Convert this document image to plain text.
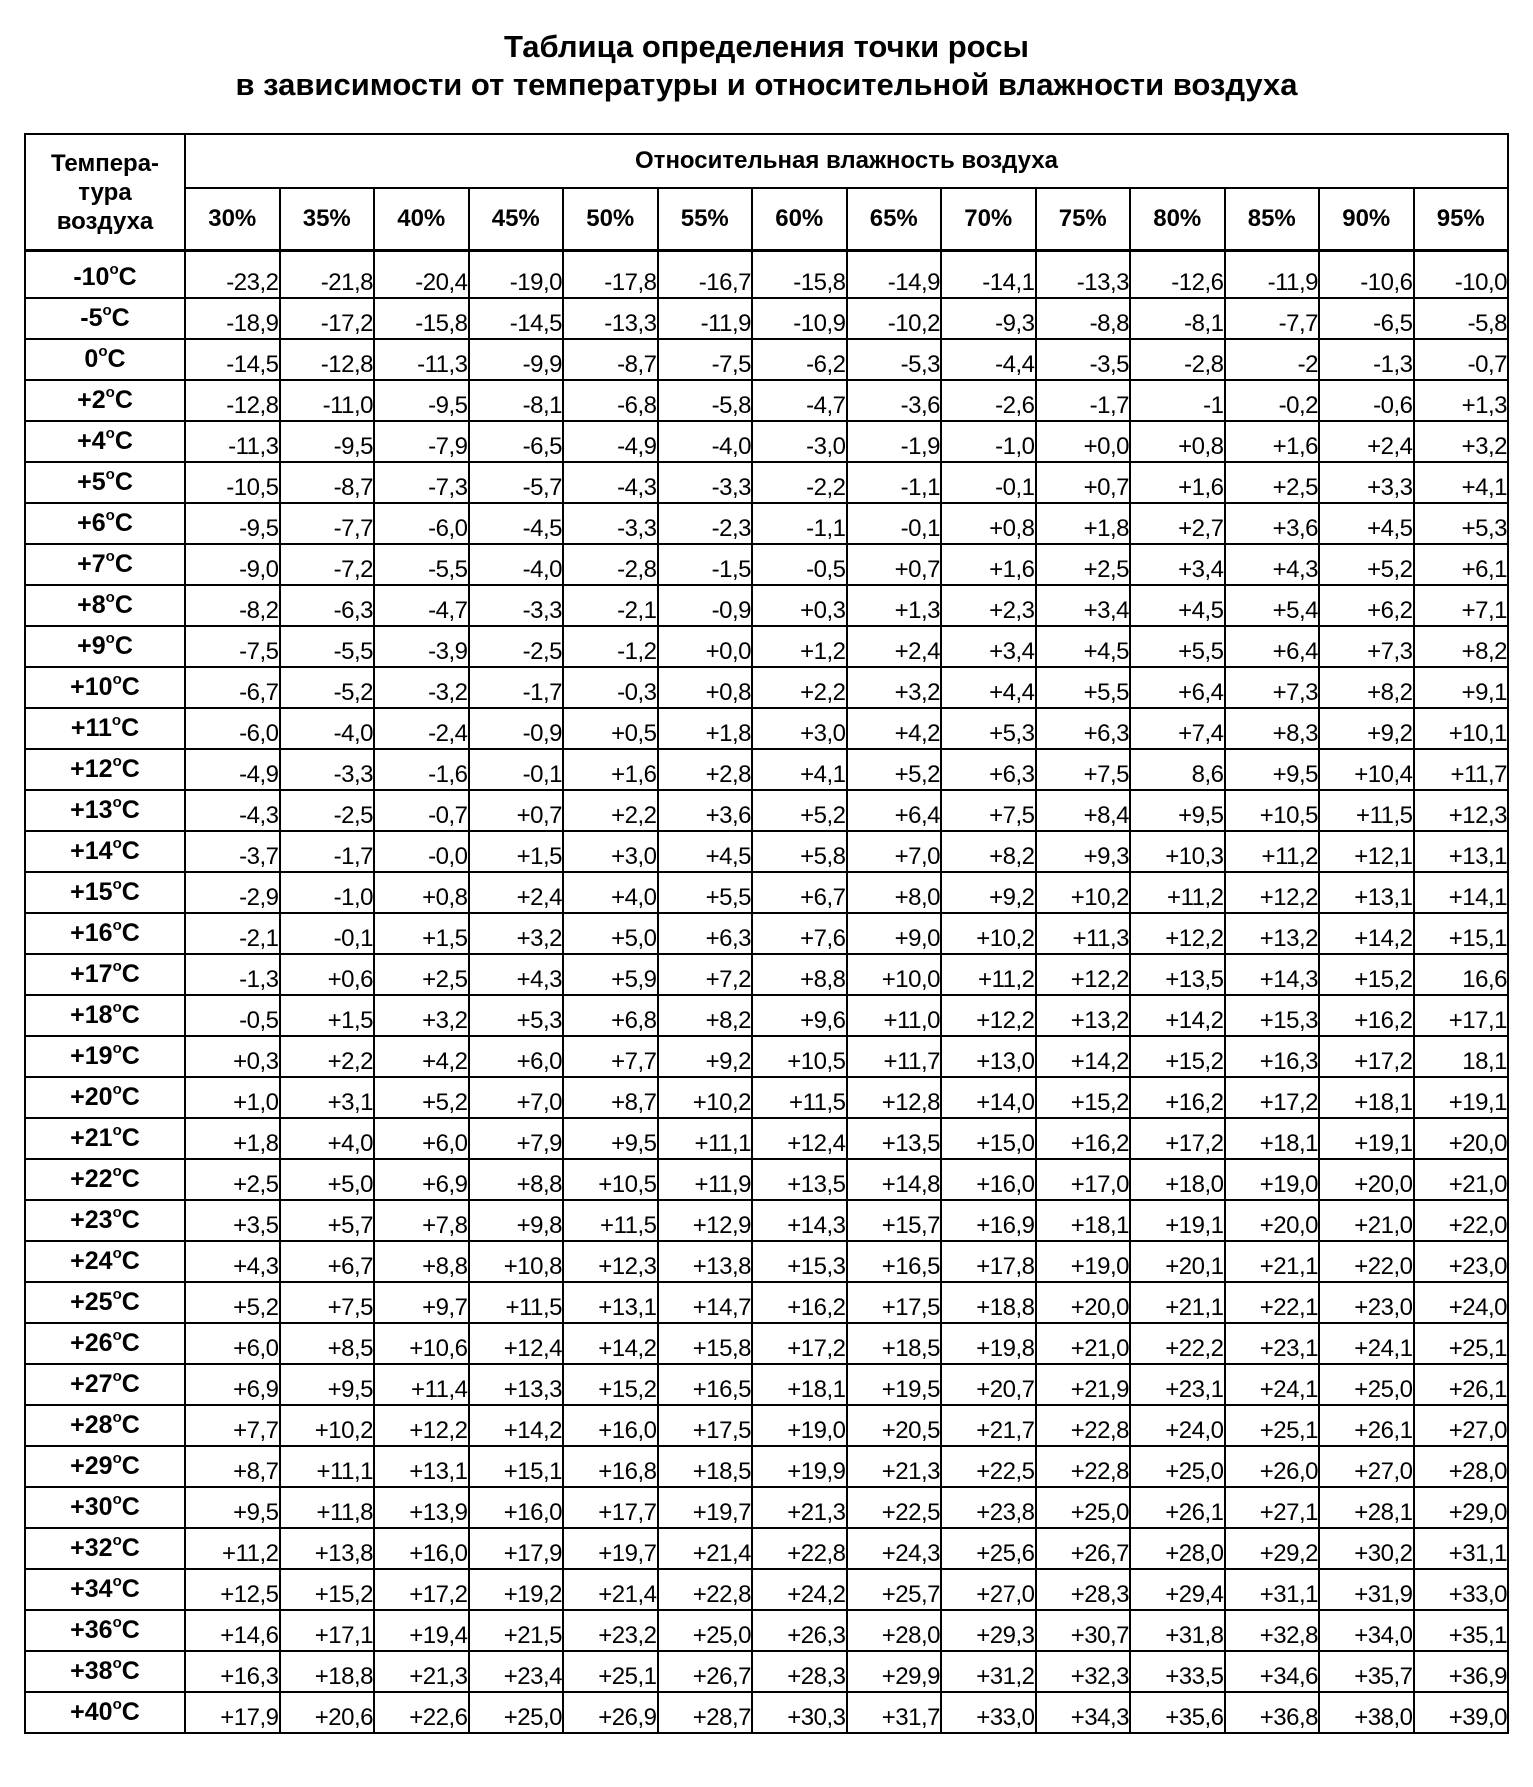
Таблица определения точки росы
в зависимости от температуры и относительной влажности воздуха
Темпера-
тура
воздуха	Относительная влажность воздуха													
	30%	35%	40%	45%	50%	55%	60%	65%	70%	75%	80%	85%	90%	95%

-10$^o$C	-23,2	-21,8	-20,4	-19,0	-17,8	-16,7	-15,8	-14,9	-14,1	-13,3	-12,6	-11,9	-10,6	-10,0
-5$^o$C	-18,9	-17,2	-15,8	-14,5	-13,3	-11,9	-10,9	-10,2	-9,3	-8,8	-8,1	-7,7	-6,5	-5,8
0$^o$C	-14,5	-12,8	-11,3	-9,9	-8,7	-7,5	-6,2	-5,3	-4,4	-3,5	-2,8	-2	-1,3	-0,7
$+2^oC$	-12,8	-11,0	-9,5	-8,1	-6,8	-5,8	-4,7	-3,6	-2,6	-1,7	-1	-0,2	-0,6	+1,3
$+4^oC$	-11,3	-9,5	-7,9	-6,5	-4,9	-4,0	-3,0	-1,9	-1,0	+0,0	+0,8	+1,6	+2,4	+3,2
$+5^oC$	-10,5	-8,7	-7,3	-5,7	-4,3	-3,3	-2,2	-1,1	-0,1	+0,7	+1,6	+2,5	+3,3	+4,1
$+6^oC$	-9,5	-7,7	-6,0	-4,5	-3,3	-2,3	-1,1	-0,1	+0,8	+1,8	+2,7	+3,6	+4,5	+5,3
$+7^oC$	-9,0	-7,2	-5,5	-4,0	-2,8	-1,5	-0,5	+0,7	+1,6	+2,5	+3,4	+4,3	+5,2	+6,1
$+8^oC$	-8,2	-6,3	-4,7	-3,3	-2,1	-0,9	+0,3	+1,3	+2,3	+3,4	+4,5	+5,4	+6,2	+7,1
$+9^oC$	-7,5	-5,5	-3,9	-2,5	-1,2	+0,0	+1,2	+2,4	+3,4	+4,5	+5,5	+6,4	+7,3	+8,2
$+10^oC$	-6,7	-5,2	-3,2	-1,7	-0,3	+0,8	+2,2	+3,2	+4,4	+5,5	+6,4	+7,3	+8,2	+9,1
$+11^oC$	-6,0	-4,0	-2,4	-0,9	+0,5	+1,8	+3,0	+4,2	+5,3	+6,3	+7,4	+8,3	+9,2	+10,1
$+12^oC$	-4,9	-3,3	-1,6	-0,1	+1,6	+2,8	+4,1	+5,2	+6,3	+7,5	8,6	+9,5	+10,4	+11,7
$+13^oC$	-4,3	-2,5	-0,7	+0,7	+2,2	+3,6	+5,2	+6,4	+7,5	+8,4	+9,5	+10,5	+11,5	+12,3
$+14^oC$	-3,7	-1,7	-0,0	+1,5	+3,0	+4,5	+5,8	+7,0	+8,2	+9,3	+10,3	+11,2	+12,1	+13,1
$+15^oC$	-2,9	-1,0	+0,8	+2,4	+4,0	+5,5	+6,7	+8,0	+9,2	+10,2	+11,2	+12,2	+13,1	+14,1
$+16^oC$	-2,1	-0,1	+1,5	+3,2	+5,0	+6,3	+7,6	+9,0	+10,2	+11,3	+12,2	+13,2	+14,2	+15,1
$+17^oC$	-1,3	+0,6	+2,5	+4,3	+5,9	+7,2	+8,8	+10,0	+11,2	+12,2	+13,5	+14,3	+15,2	16,6
$+18^oC$	-0,5	+1,5	+3,2	+5,3	+6,8	+8,2	+9,6	+11,0	+12,2	+13,2	+14,2	+15,3	+16,2	+17,1
$+19^oC$	+0,3	+2,2	+4,2	+6,0	+7,7	+9,2	+10,5	+11,7	+13,0	+14,2	+15,2	+16,3	+17,2	18,1
$+20^oC$	+1,0	+3,1	+5,2	+7,0	+8,7	+10,2	+11,5	+12,8	+14,0	+15,2	+16,2	+17,2	+18,1	+19,1
$+21^oC$	+1,8	+4,0	+6,0	+7,9	+9,5	+11,1	+12,4	+13,5	+15,0	+16,2	+17,2	+18,1	+19,1	+20,0
$+22^oC$	+2,5	+5,0	+6,9	+8,8	+10,5	+11,9	+13,5	+14,8	+16,0	+17,0	+18,0	+19,0	+20,0	+21,0
$+23^oC$	+3,5	+5,7	+7,8	+9,8	+11,5	+12,9	+14,3	+15,7	+16,9	+18,1	+19,1	+20,0	+21,0	+22,0
$+24^oC$	+4,3	+6,7	+8,8	+10,8	+12,3	+13,8	+15,3	+16,5	+17,8	+19,0	+20,1	+21,1	+22,0	+23,0
$+25^oC$	+5,2	+7,5	+9,7	+11,5	+13,1	+14,7	+16,2	+17,5	+18,8	+20,0	+21,1	+22,1	+23,0	+24,0
$+26^oC$	+6,0	+8,5	+10,6	+12,4	+14,2	+15,8	+17,2	+18,5	+19,8	+21,0	+22,2	+23,1	+24,1	+25,1
$+27^oC$	+6,9	+9,5	+11,4	+13,3	+15,2	+16,5	+18,1	+19,5	+20,7	+21,9	+23,1	+24,1	+25,0	+26,1
$+28^oC$	+7,7	+10,2	+12,2	+14,2	+16,0	+17,5	+19,0	+20,5	+21,7	+22,8	+24,0	+25,1	+26,1	+27,0
$+29^oC$	+8,7	+11,1	+13,1	+15,1	+16,8	+18,5	+19,9	+21,3	+22,5	+22,8	+25,0	+26,0	+27,0	+28,0
$+30^oC$	+9,5	+11,8	+13,9	+16,0	+17,7	+19,7	+21,3	+22,5	+23,8	+25,0	+26,1	+27,1	+28,1	+29,0
$+32^oC$	+11,2	+13,8	+16,0	+17,9	+19,7	+21,4	+22,8	+24,3	+25,6	+26,7	+28,0	+29,2	+30,2	+31,1
$+34^oC$	+12,5	+15,2	+17,2	+19,2	+21,4	+22,8	+24,2	+25,7	+27,0	+28,3	+29,4	+31,1	+31,9	+33,0
$+36^oC$	+14,6	+17,1	+19,4	+21,5	+23,2	+25,0	+26,3	+28,0	+29,3	+30,7	+31,8	+32,8	+34,0	+35,1
$+38^oC$	+16,3	+18,8	+21,3	+23,4	+25,1	+26,7	+28,3	+29,9	+31,2	+32,3	+33,5	+34,6	+35,7	+36,9
$+40^oC$	+17,9	+20,6	+22,6	+25,0	+26,9	+28,7	+30,3	+31,7	+33,0	+34,3	+35,6	+36,8	+38,0	+39,0
